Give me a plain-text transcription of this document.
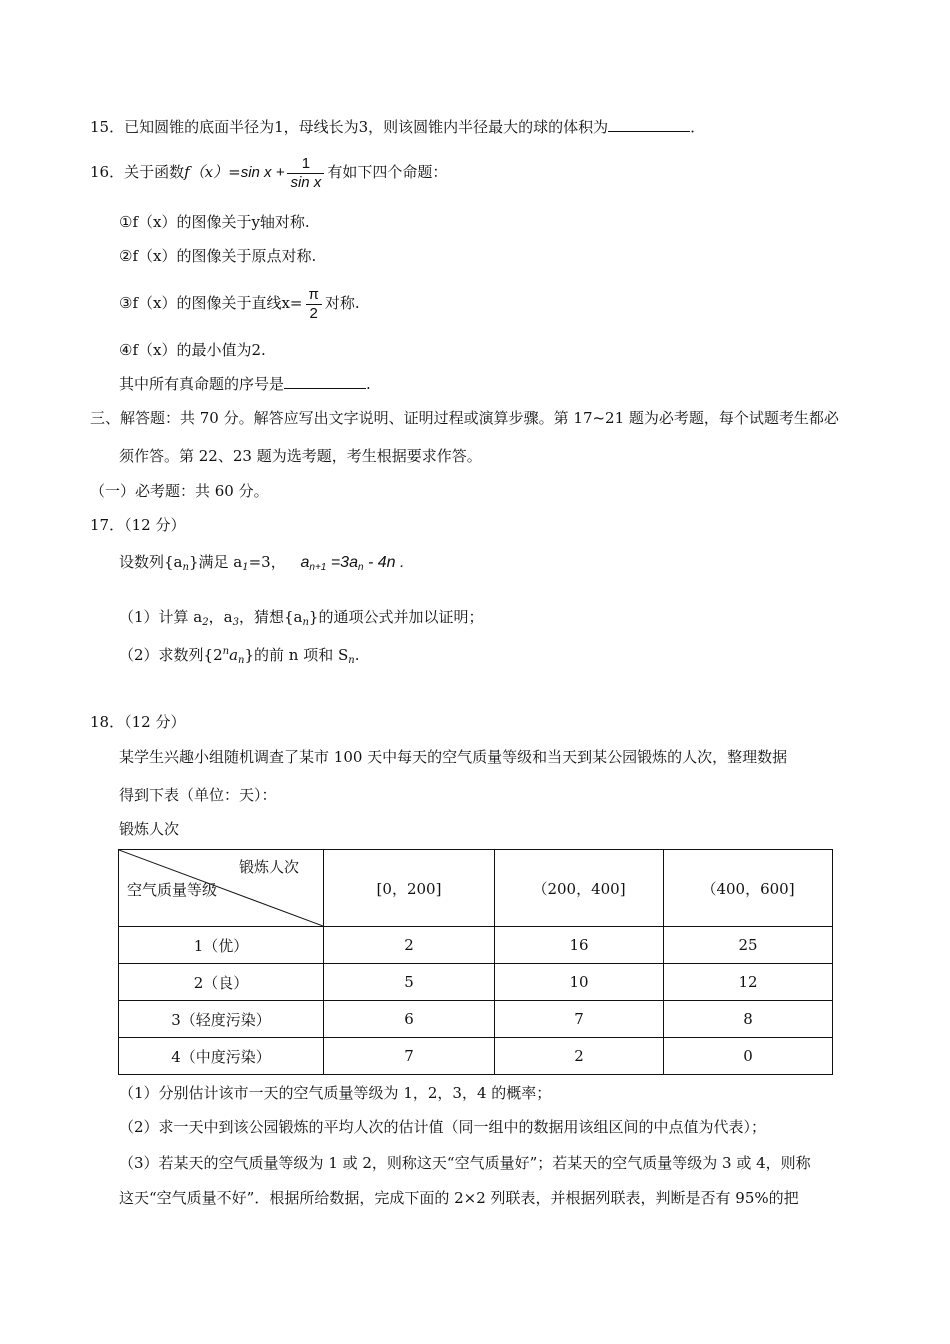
15．已知圆锥的底面半径为1，母线长为3，则该圆锥内半径最大的球的体积为	．
16．关于函数f（x）=sin $x + \frac{1}{\text{sin x}}$ 有如下四个命题：
①f（x）的图像关于y轴对称.
②f（x）的图像关于原点对称.
③f（x）的图像关于直线$x= \frac{\pi}{2}$ 对称.
④f（x）的最小值为2.
其中所有真命题的序号是	.
三、解答题：共 70 分。解答应写出文字说明、证明过程或演算步骤。第 17~21 题为必考题，每个试题考生都必
须作答。第 22、23 题为选考题，考生根据要求作答。
（一）必考题：共 60 分。
17．（12 分）
设数列$\{a_n\}$满足 $a_1=3$， $a_{n+1} =3a_n - 4n$ .
（1）计算 $a_2$，$a_3$，猜想$\{a_n\}$的通项公式并加以证明；
（2）求数列$\{2^na_n\}$的前 n 项和 $S_n$.
18．（12 分）
某学生兴趣小组随机调查了某市 100 天中每天的空气质量等级和当天到某公园锻炼的人次，整理数据
得到下表（单位：天）：
锻炼人次
锻炼人次
空气质量等级	[0，200]	（200，400]	（400，600]
1（优）	2	16	25
2（良）	5	10	12
3（轻度污染）	6	7	8
4（中度污染）	7	2	0
（1）分别估计该市一天的空气质量等级为 1，2，3，4 的概率；
（2）求一天中到该公园锻炼的平均人次的估计值（同一组中的数据用该组区间的中点值为代表）；
（3）若某天的空气质量等级为 1 或 2，则称这天“空气质量好”；若某天的空气质量等级为 3 或 4，则称
这天“空气质量不好”．根据所给数据，完成下面的 2×2 列联表，并根据列联表，判断是否有 95%的把
